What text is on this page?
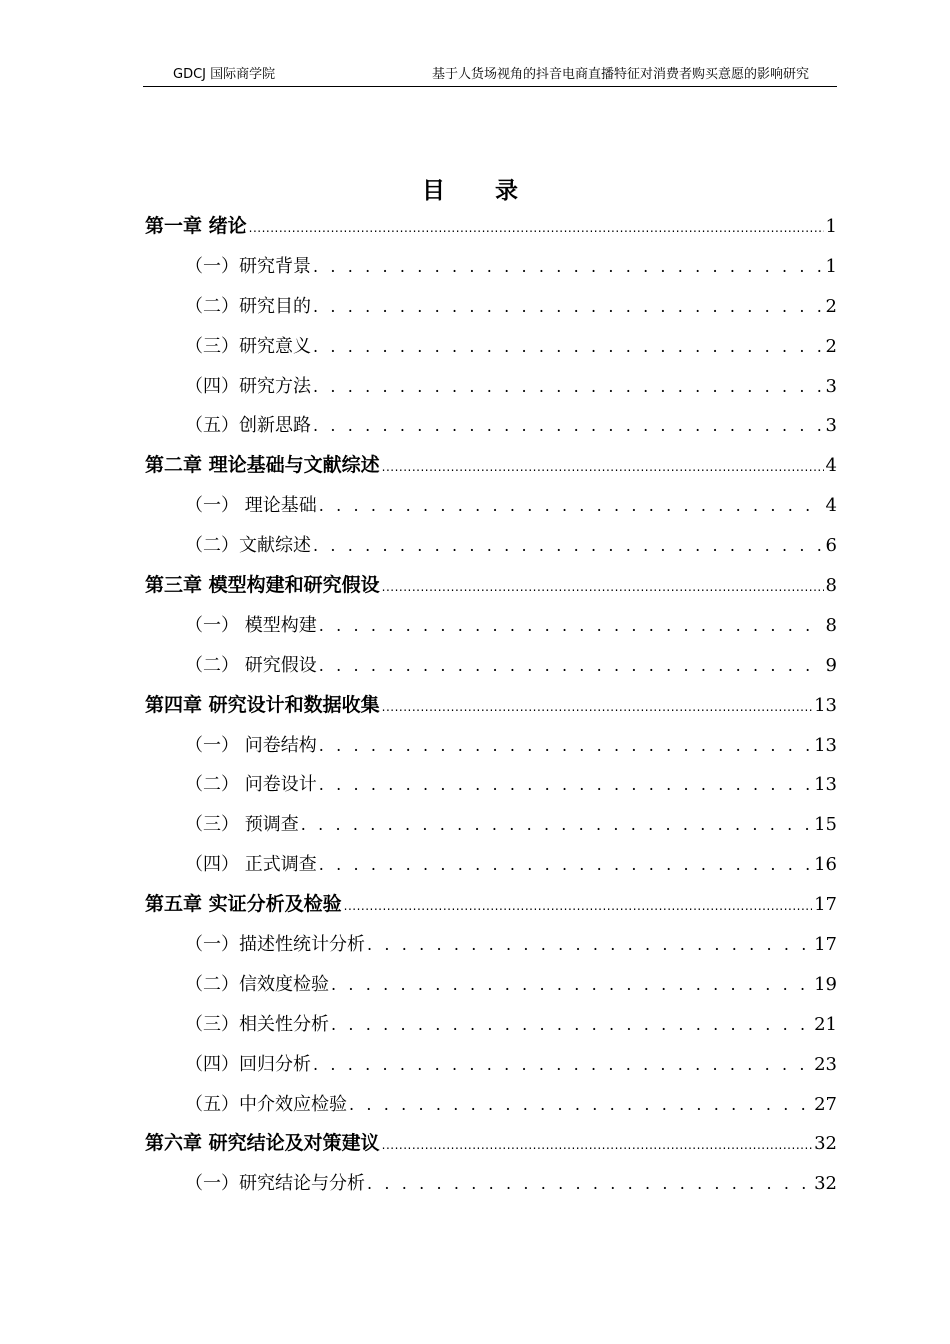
GDCJ 国际商学院	基于人货场视角的抖音电商直播特征对消费者购买意愿的影响研究
目录
第一章 绪论 .....	1
（一）研究背景 . . .	1
（二）研究目的 . . .	2
（三）研究意义 . . .	2
（四）研究方法 . . .	3
（五）创新思路 . . .	3
第二章 理论基础与文献综述 .....	4
（一） 理论基础 . . .	4
（二）文献综述 . . .	6
第三章 模型构建和研究假设 .....	8
（一） 模型构建 . . .	8
（二） 研究假设 . . .	9
第四章 研究设计和数据收集 .....	13
（一） 问卷结构 . . .	13
（二） 问卷设计 . . .	13
（三） 预调查 . . .	15
（四） 正式调查 . . .	16
第五章 实证分析及检验 .....	17
（一）描述性统计分析 . . .	17
（二）信效度检验 . . .	19
（三）相关性分析 . . .	21
（四）回归分析 . . .	23
（五）中介效应检验 . . .	27
第六章 研究结论及对策建议 .....	32
（一）研究结论与分析 . . .	32
